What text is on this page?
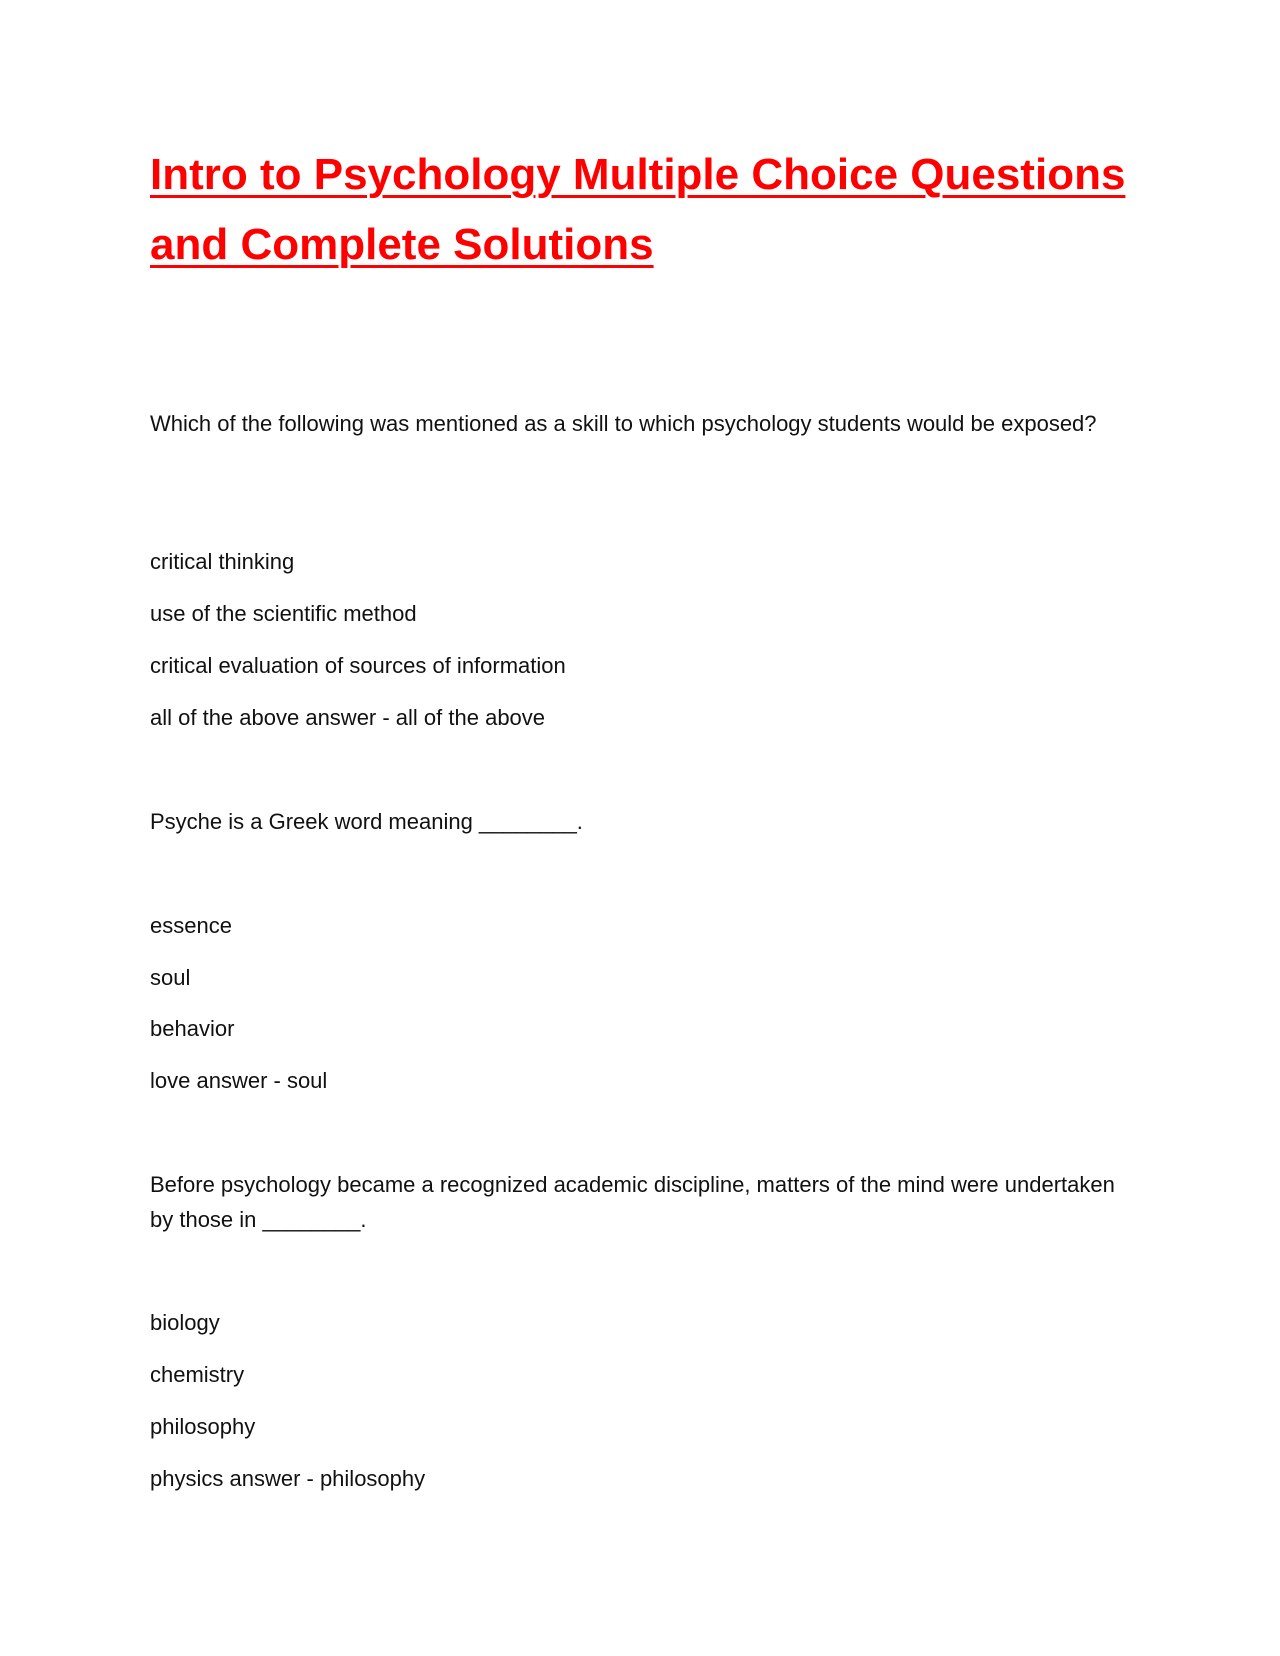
Intro to Psychology Multiple Choice Questions and Complete Solutions

Which of the following was mentioned as a skill to which psychology students would be exposed?

critical thinking

use of the scientific method

critical evaluation of sources of information

all of the above answer - all of the above

Psyche is a Greek word meaning ________.

essence

soul

behavior

love answer - soul

Before psychology became a recognized academic discipline, matters of the mind were undertaken by those in ________.

biology

chemistry

philosophy

physics answer - philosophy
